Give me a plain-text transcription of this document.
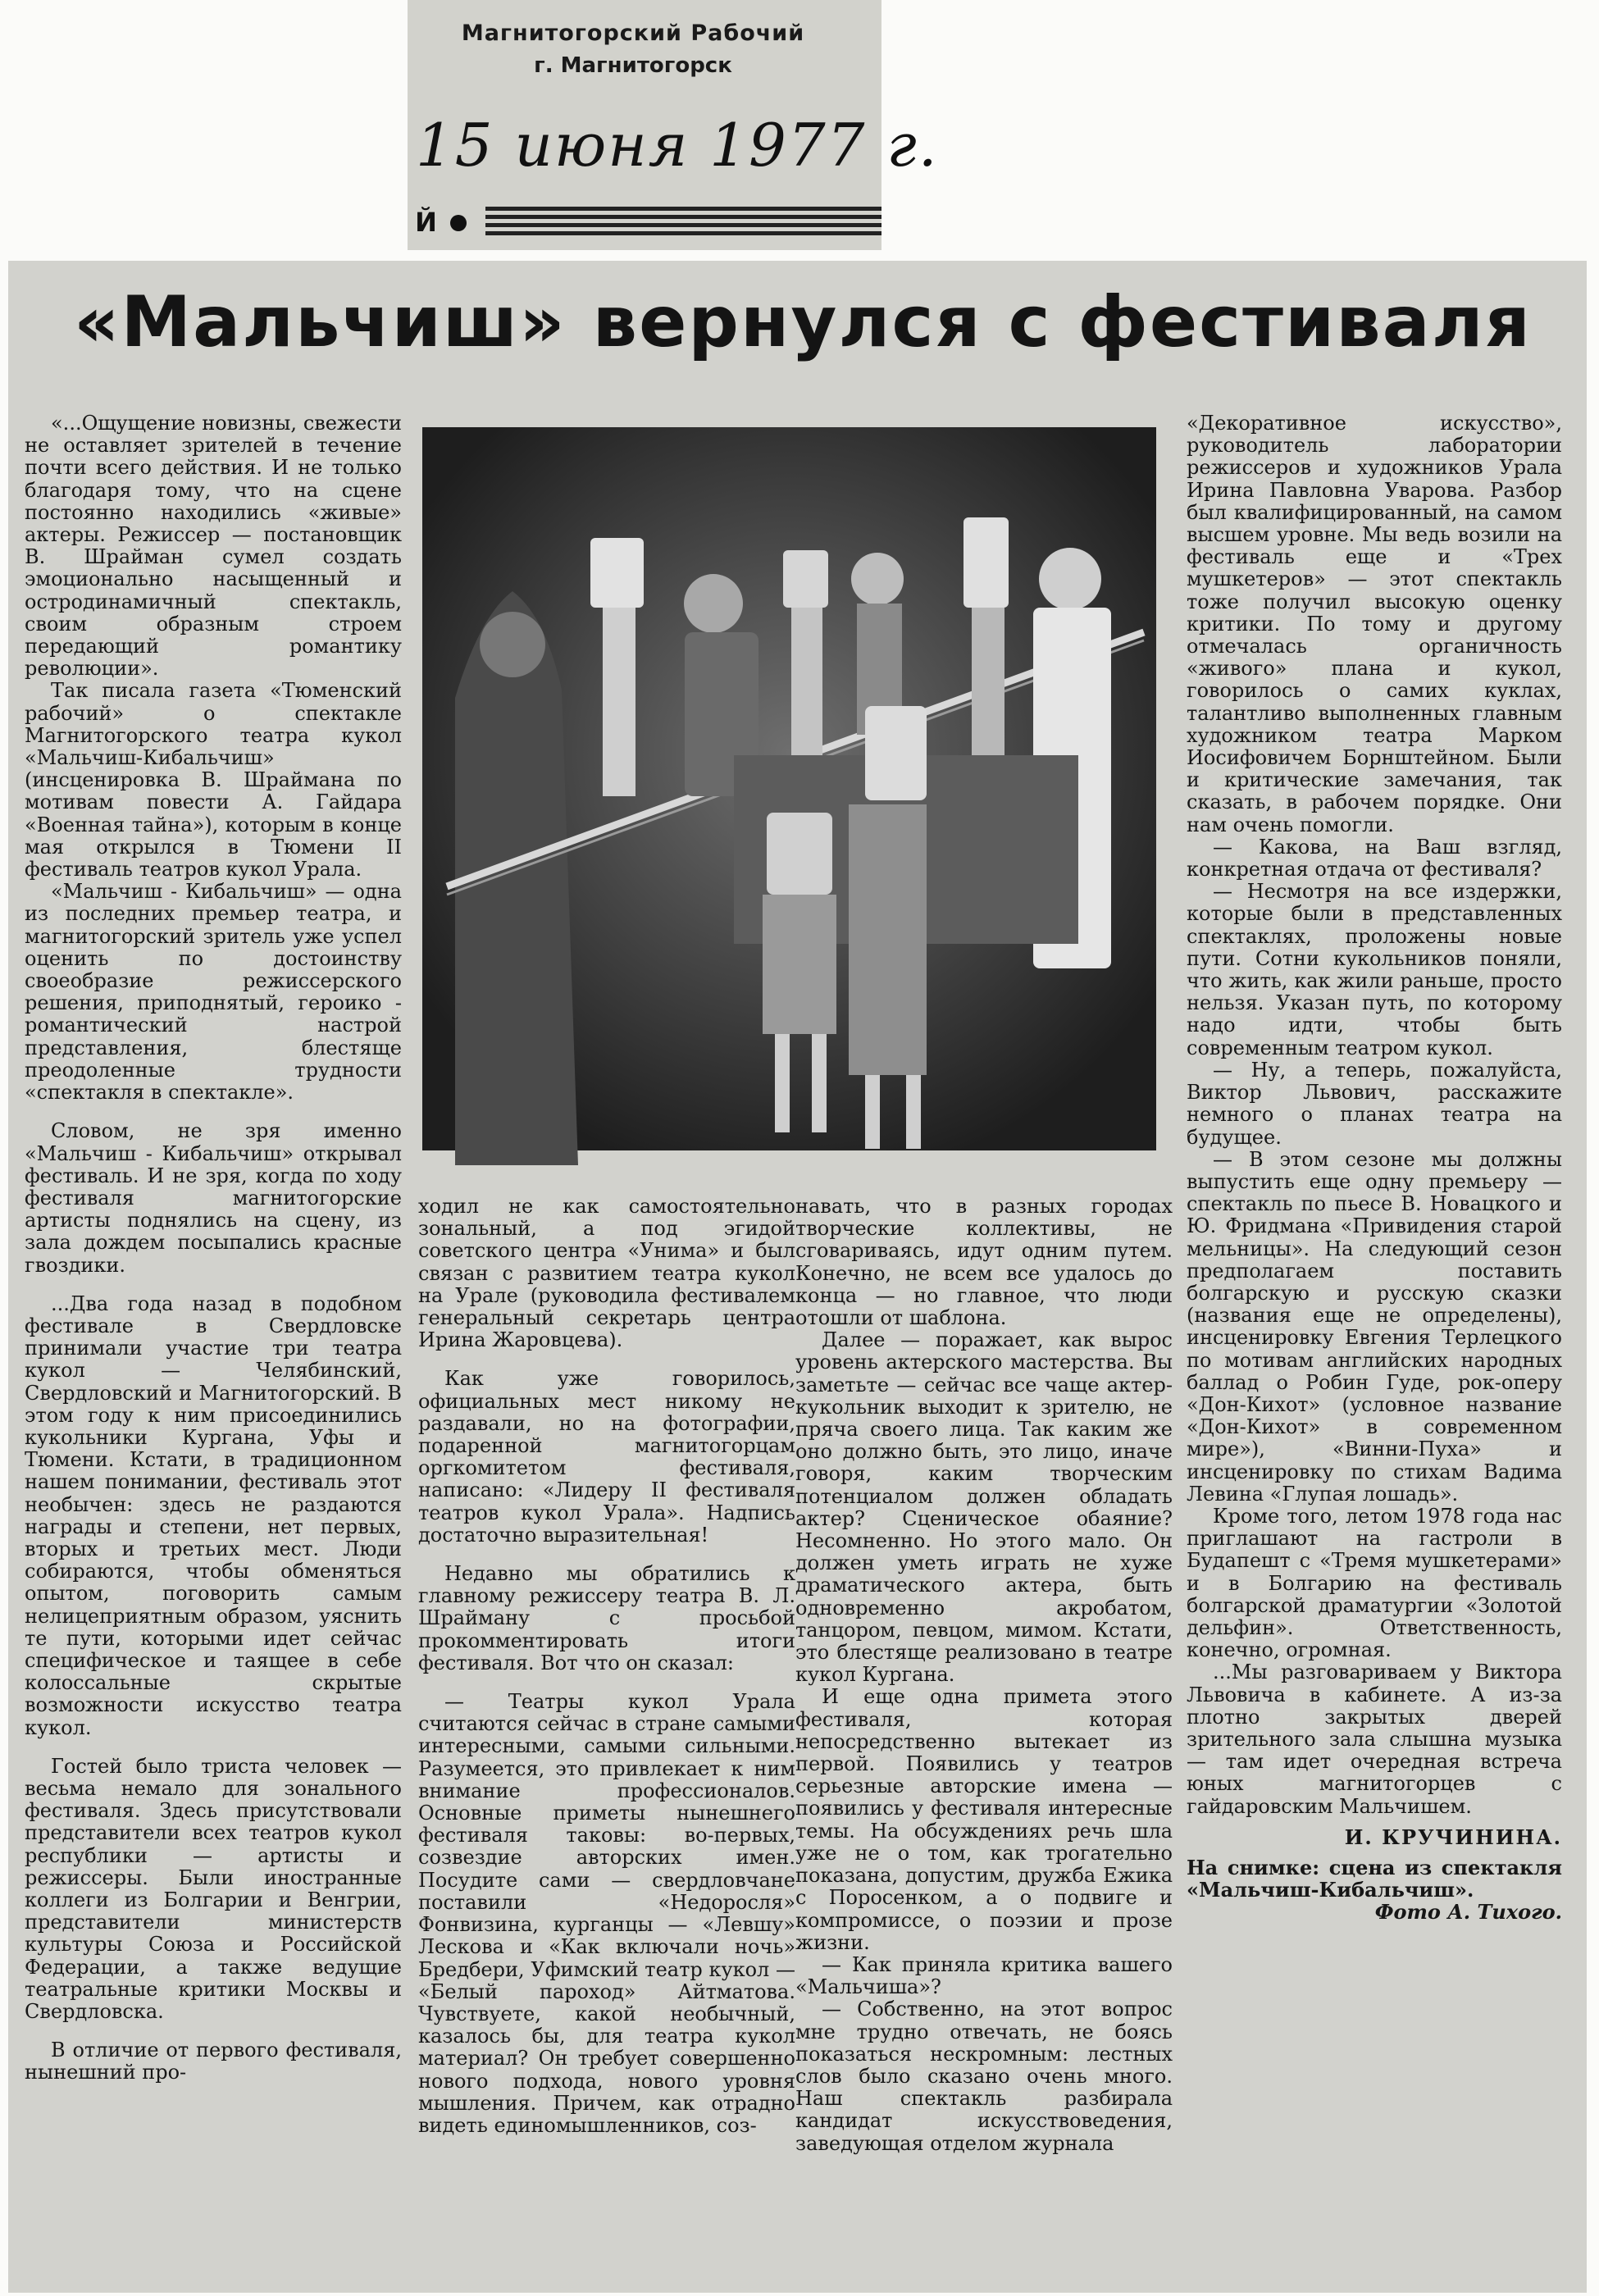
Магнитогорский Рабочий
г. Магнитогорск
15 июня 1977 г.
Й
«Мальчиш» вернулся с фестиваля

«...Ощущение новизны, свежести не оставляет зрителей в течение почти всего действия. И не только благодаря тому, что на сцене постоянно находились «живые» актеры. Режиссер — постановщик В. Шрайман сумел создать эмоционально насыщенный и остродинамичный спектакль, своим образным строем передающий романтику революции».

Так писала газета «Тюменский рабочий» о спектакле Магнитогорского театра кукол «Мальчиш-Кибальчиш» (инсценировка В. Шраймана по мотивам повести А. Гайдара «Военная тайна»), которым в конце мая открылся в Тюмени II фестиваль театров кукол Урала.

«Мальчиш - Кибальчиш» — одна из последних премьер театра, и магнитогорский зритель уже успел оценить по достоинству своеобразие режиссерского решения, приподнятый, героико - романтический настрой представления, блестяще преодоленные трудности «спектакля в спектакле».

Словом, не зря именно «Мальчиш - Кибальчиш» открывал фестиваль. И не зря, когда по ходу фестиваля магнитогорские артисты поднялись на сцену, из зала дождем посыпались красные гвоздики.

...Два года назад в подобном фестивале в Свердловске принимали участие три театра кукол — Челябинский, Свердловский и Магнитогорский. В этом году к ним присоединились кукольники Кургана, Уфы и Тюмени. Кстати, в традиционном нашем понимании, фестиваль этот необычен: здесь не раздаются награды и степени, нет первых, вторых и третьих мест. Люди собираются, чтобы обменяться опытом, поговорить самым нелицеприятным образом, уяснить те пути, которыми идет сейчас специфическое и таящее в себе колоссальные скрытые возможности искусство театра кукол.

Гостей было триста человек — весьма немало для зонального фестиваля. Здесь присутствовали представители всех театров кукол республики — артисты и режиссеры. Были иностранные коллеги из Болгарии и Венгрии, представители министерств культуры Союза и Российской Федерации, а также ведущие театральные критики Москвы и Свердловска.

В отличие от первого фестиваля, нынешний про-

ходил не как самостоятельно зональный, а под эгидой советского центра «Унима» и был связан с развитием театра кукол на Урале (руководила фестивалем генеральный секретарь центра Ирина Жаровцева).

Как уже говорилось, официальных мест никому не раздавали, но на фотографии, подаренной магнитогорцам оргкомитетом фестиваля, написано: «Лидеру II фестиваля театров кукол Урала». Надпись достаточно выразительная!

Недавно мы обратились к главному режиссеру театра В. Л. Шрайману с просьбой прокомментировать итоги фестиваля. Вот что он сказал:

— Театры кукол Урала считаются сейчас в стране самыми интересными, самыми сильными. Разумеется, это привлекает к ним внимание профессионалов. Основные приметы нынешнего фестиваля таковы: во-первых, созвездие авторских имен. Посудите сами — свердловчане поставили «Недоросля» Фонвизина, курганцы — «Левшу» Лескова и «Как включали ночь» Бредбери, Уфимский театр кукол — «Белый пароход» Айтматова. Чувствуете, какой необычный, казалось бы, для театра кукол материал? Он требует совершенно нового подхода, нового уровня мышления. Причем, как отрадно видеть единомышленников, соз-

навать, что в разных городах творческие коллективы, не сговариваясь, идут одним путем. Конечно, не всем все удалось до конца — но главное, что люди отошли от шаблона.

Далее — поражает, как вырос уровень актерского мастерства. Вы заметьте — сейчас все чаще актер-кукольник выходит к зрителю, не пряча своего лица. Так каким же оно должно быть, это лицо, иначе говоря, каким творческим потенциалом должен обладать актер? Сценическое обаяние? Несомненно. Но этого мало. Он должен уметь играть не хуже драматического актера, быть одновременно акробатом, танцором, певцом, мимом. Кстати, это блестяще реализовано в театре кукол Кургана.

И еще одна примета этого фестиваля, которая непосредственно вытекает из первой. Появились у театров серьезные авторские имена — появились у фестиваля интересные темы. На обсуждениях речь шла уже не о том, как трогательно показана, допустим, дружба Ежика с Поросенком, а о подвиге и компромиссе, о поэзии и прозе жизни.

— Как приняла критика вашего «Мальчиша»?

— Собственно, на этот вопрос мне трудно отвечать, не боясь показаться нескромным: лестных слов было сказано очень много. Наш спектакль разбирала кандидат искусствоведения, заведующая отделом журнала

«Декоративное искусство», руководитель лаборатории режиссеров и художников Урала Ирина Павловна Уварова. Разбор был квалифицированный, на самом высшем уровне. Мы ведь возили на фестиваль еще и «Трех мушкетеров» — этот спектакль тоже получил высокую оценку критики. По тому и другому отмечалась органичность «живого» плана и кукол, говорилось о самих куклах, талантливо выполненных главным художником театра Марком Иосифовичем Борнштейном. Были и критические замечания, так сказать, в рабочем порядке. Они нам очень помогли.

— Какова, на Ваш взгляд, конкретная отдача от фестиваля?

— Несмотря на все издержки, которые были в представленных спектаклях, проложены новые пути. Сотни кукольников поняли, что жить, как жили раньше, просто нельзя. Указан путь, по которому надо идти, чтобы быть современным театром кукол.

— Ну, а теперь, пожалуйста, Виктор Львович, расскажите немного о планах театра на будущее.

— В этом сезоне мы должны выпустить еще одну премьеру — спектакль по пьесе В. Новацкого и Ю. Фридмана «Привидения старой мельницы». На следующий сезон предполагаем поставить болгарскую и русскую сказки (названия еще не определены), инсценировку Евгения Терлецкого по мотивам английских народных баллад о Робин Гуде, рок-оперу «Дон-Кихот» (условное название «Дон-Кихот» в современном мире»), «Винни-Пуха» и инсценировку по стихам Вадима Левина «Глупая лошадь».

Кроме того, летом 1978 года нас приглашают на гастроли в Будапешт с «Тремя мушкетерами» и в Болгарию на фестиваль болгарской драматургии «Золотой дельфин». Ответственность, конечно, огромная.

...Мы разговариваем у Виктора Львовича в кабинете. А из-за плотно закрытых дверей зрительного зала слышна музыка — там идет очередная встреча юных магнитогорцев с гайдаровским Мальчишем.

И. КРУЧИНИНА.

На снимке: сцена из спектакля «Мальчиш-Кибальчиш».

Фото А. Тихого.
